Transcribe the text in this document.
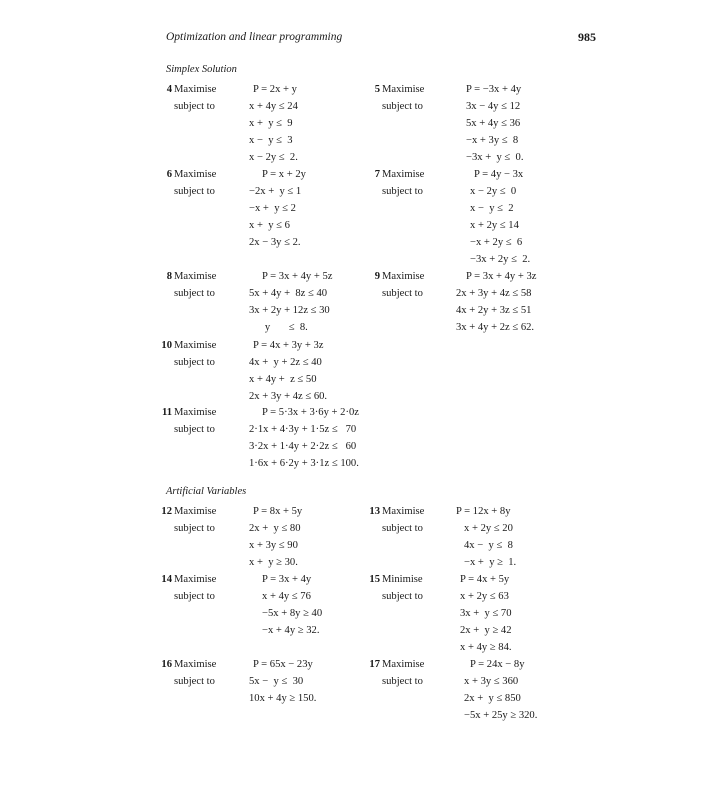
Optimization and linear programming	985
Simplex Solution
Artificial Variables
4 Maximise
subject to
P = 2x + y
x + 4y ≤ 24
x +  y ≤  9
x −  y ≤  3
x − 2y ≤  2.
5 Maximise
subject to
P = −3x + 4y
3x − 4y ≤ 12
5x + 4y ≤ 36
−x + 3y ≤  8
−3x +  y ≤  0.
6 Maximise
subject to
P = x + 2y
−2x +  y ≤ 1
−x +  y ≤ 2
x +  y ≤ 6
2x − 3y ≤ 2.
7 Maximise
subject to
P = 4y − 3x
x − 2y ≤  0
x −  y ≤  2
x + 2y ≤ 14
−x + 2y ≤  6
−3x + 2y ≤  2.
8 Maximise
subject to
P = 3x + 4y + 5z
5x + 4y +  8z ≤ 40
3x + 2y + 12z ≤ 30
y       ≤  8.
9 Maximise
subject to
P = 3x + 4y + 3z
2x + 3y + 4z ≤ 58
4x + 2y + 3z ≤ 51
3x + 4y + 2z ≤ 62.
10 Maximise
subject to
P = 4x + 3y + 3z
4x +  y + 2z ≤ 40
x + 4y +  z ≤ 50
2x + 3y + 4z ≤ 60.
11 Maximise
subject to
P = 5·3x + 3·6y + 2·0z
2·1x + 4·3y + 1·5z ≤   70
3·2x + 1·4y + 2·2z ≤   60
1·6x + 6·2y + 3·1z ≤ 100.
12 Maximise
subject to
P = 8x + 5y
2x +  y ≤ 80
x + 3y ≤ 90
x +  y ≥ 30.
13 Maximise
subject to
P = 12x + 8y
x + 2y ≤ 20
4x −  y ≤  8
−x +  y ≥  1.
14 Maximise
subject to
P = 3x + 4y
x + 4y ≤ 76
−5x + 8y ≥ 40
−x + 4y ≥ 32.
15 Minimise
subject to
P = 4x + 5y
x + 2y ≤ 63
3x +  y ≤ 70
2x +  y ≥ 42
x + 4y ≥ 84.
16 Maximise
subject to
P = 65x − 23y
5x −  y ≤  30
10x + 4y ≥ 150.
17 Maximise
subject to
P = 24x − 8y
x + 3y ≤ 360
2x +  y ≤ 850
−5x + 25y ≥ 320.
